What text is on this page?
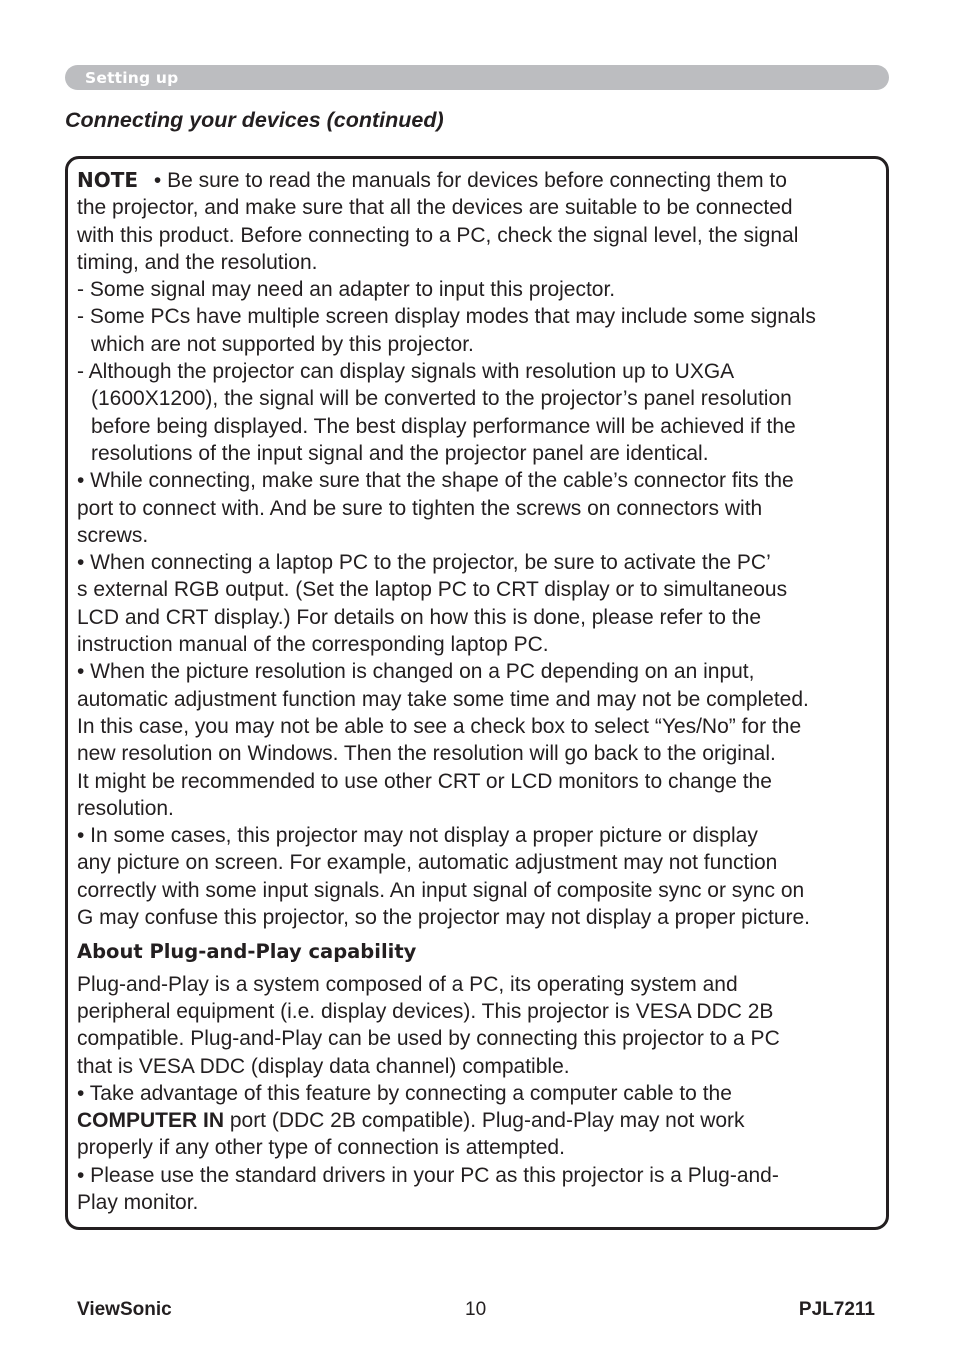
Setting up
Connecting your devices (continued)
NOTE • Be sure to read the manuals for devices before connecting them to
the projector, and make sure that all the devices are suitable to be connected
with this product. Before connecting to a PC, check the signal level, the signal
timing, and the resolution.
- Some signal may need an adapter to input this projector.
- Some PCs have multiple screen display modes that may include some signals
which are not supported by this projector.
- Although the projector can display signals with resolution up to UXGA
(1600X1200), the signal will be converted to the projector’s panel resolution
before being displayed. The best display performance will be achieved if the
resolutions of the input signal and the projector panel are identical.
• While connecting, make sure that the shape of the cable’s connector fits the
port to connect with. And be sure to tighten the screws on connectors with
screws.
• When connecting a laptop PC to the projector, be sure to activate the PC’
s external RGB output. (Set the laptop PC to CRT display or to simultaneous
LCD and CRT display.) For details on how this is done, please refer to the
instruction manual of the corresponding laptop PC.
• When the picture resolution is changed on a PC depending on an input,
automatic adjustment function may take some time and may not be completed.
In this case, you may not be able to see a check box to select “Yes/No” for the
new resolution on Windows. Then the resolution will go back to the original.
It might be recommended to use other CRT or LCD monitors to change the
resolution.
• In some cases, this projector may not display a proper picture or display
any picture on screen. For example, automatic adjustment may not function
correctly with some input signals. An input signal of composite sync or sync on
G may confuse this projector, so the projector may not display a proper picture.
About Plug-and-Play capability
Plug-and-Play is a system composed of a PC, its operating system and
peripheral equipment (i.e. display devices). This projector is VESA DDC 2B
compatible. Plug-and-Play can be used by connecting this projector to a PC
that is VESA DDC (display data channel) compatible.
• Take advantage of this feature by connecting a computer cable to the
COMPUTER IN port (DDC 2B compatible). Plug-and-Play may not work
properly if any other type of connection is attempted.
• Please use the standard drivers in your PC as this projector is a Plug-and-
Play monitor.
ViewSonic	10	PJL7211
